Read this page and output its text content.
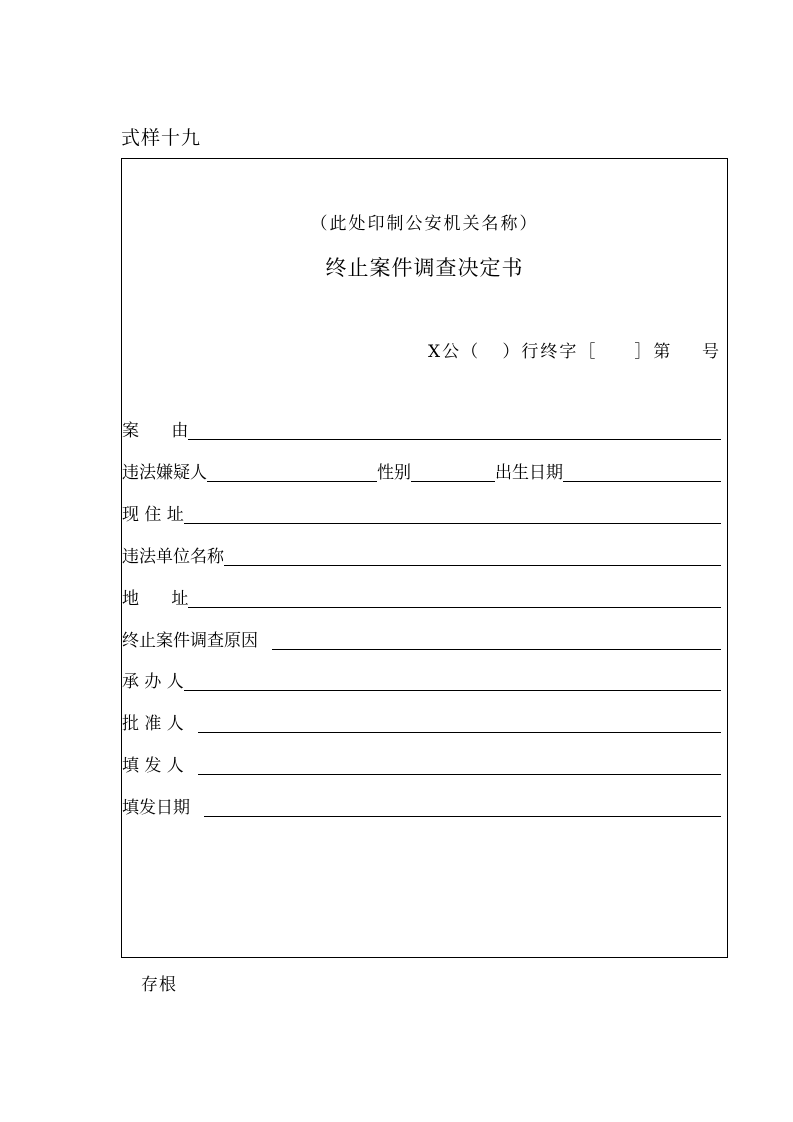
式样十九
（此处印制公安机关名称）
终止案件调查决定书
X公（   ）行终字［     ］第    号
案      由
违法嫌疑人	性别	出生日期
现 住 址
违法单位名称
地      址
终止案件调查原因
承 办 人
批 准 人
填 发 人
填发日期
存根
